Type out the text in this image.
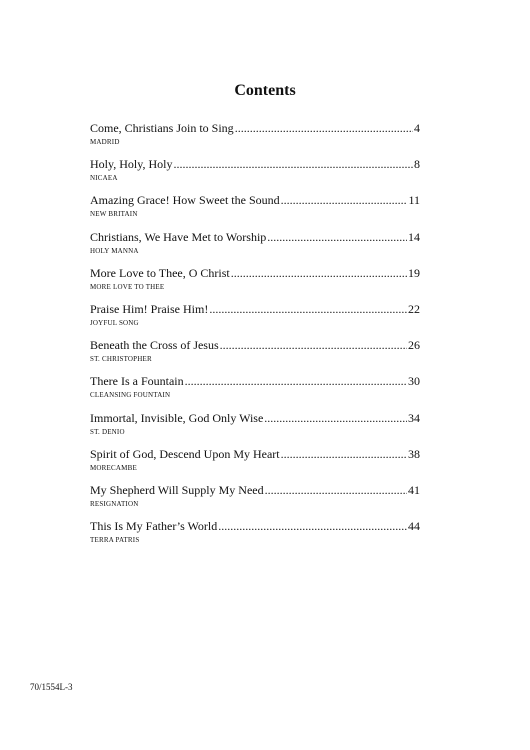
Contents
Come, Christians Join to Sing .....	4
MADRID
Holy, Holy, Holy .....	8
NICAEA
Amazing Grace! How Sweet the Sound .....	11
NEW BRITAIN
Christians, We Have Met to Worship .....	14
HOLY MANNA
More Love to Thee, O Christ .....	19
MORE LOVE TO THEE
Praise Him! Praise Him! .....	22
JOYFUL SONG
Beneath the Cross of Jesus .....	26
ST. CHRISTOPHER
There Is a Fountain .....	30
CLEANSING FOUNTAIN
Immortal, Invisible, God Only Wise .....	34
ST. DENIO
Spirit of God, Descend Upon My Heart .....	38
MORECAMBE
My Shepherd Will Supply My Need .....	41
RESIGNATION
This Is My Father’s World .....	44
TERRA PATRIS
70/1554L-3
